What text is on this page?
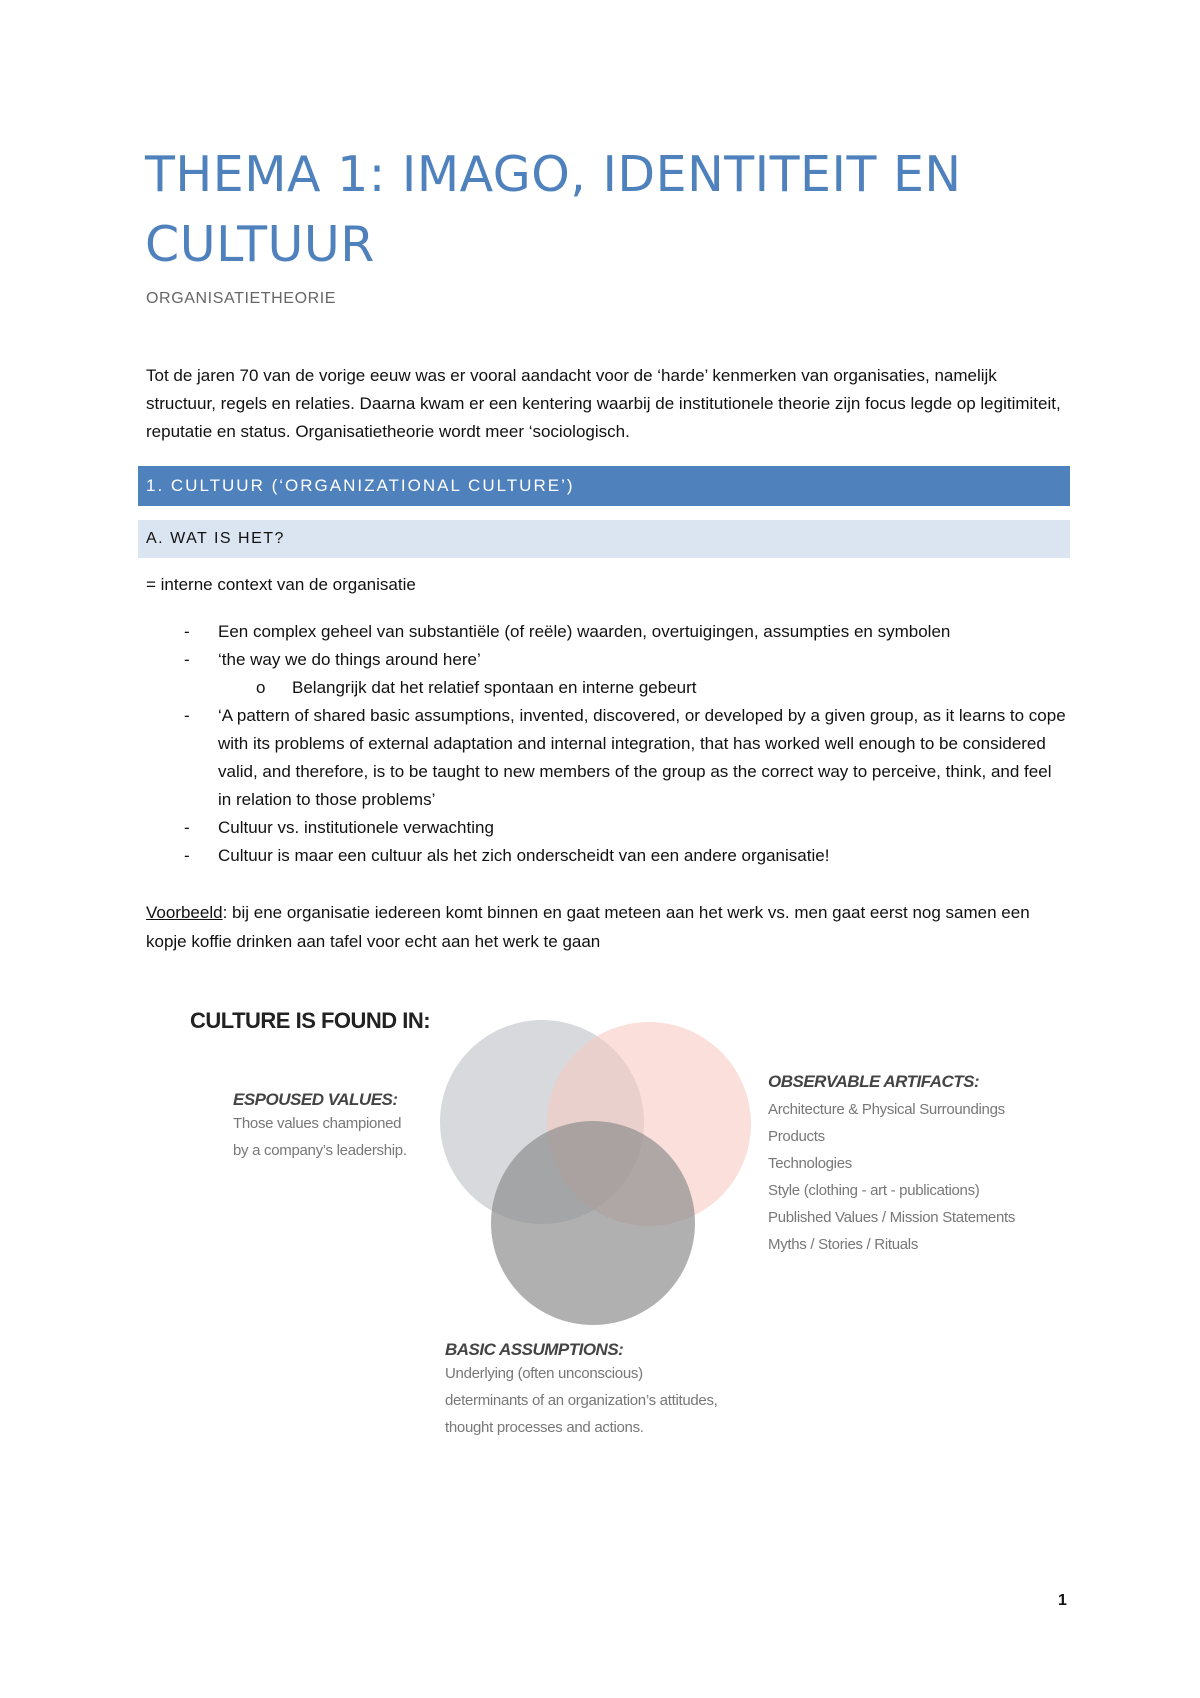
THEMA 1: IMAGO, IDENTITEIT EN CULTUUR
ORGANISATIETHEORIE

Tot de jaren 70 van de vorige eeuw was er vooral aandacht voor de ‘harde’ kenmerken van organisaties, namelijk structuur, regels en relaties. Daarna kwam er een kentering waarbij de institutionele theorie zijn focus legde op legitimiteit, reputatie en status. Organisatietheorie wordt meer ‘sociologisch.

1. CULTUUR (‘ORGANIZATIONAL CULTURE’)
A. WAT IS HET?
= interne context van de organisatie
- Een complex geheel van substantiële (of reële) waarden, overtuigingen, assumpties en symbolen
- ‘the way we do things around here’
o Belangrijk dat het relatief spontaan en interne gebeurt
- ‘A pattern of shared basic assumptions, invented, discovered, or developed by a given group, as it learns to cope with its problems of external adaptation and internal integration, that has worked well enough to be considered valid, and therefore, is to be taught to new members of the group as the correct way to perceive, think, and feel in relation to those problems’
- Cultuur vs. institutionele verwachting
- Cultuur is maar een cultuur als het zich onderscheidt van een andere organisatie!

Voorbeeld: bij ene organisatie iedereen komt binnen en gaat meteen aan het werk vs. men gaat eerst nog samen een kopje koffie drinken aan tafel voor echt aan het werk te gaan

CULTURE IS FOUND IN:
ESPOUSED VALUES:
Those values championed
by a company’s leadership.
OBSERVABLE ARTIFACTS:
Architecture & Physical Surroundings
Products
Technologies
Style (clothing - art - publications)
Published Values / Mission Statements
Myths / Stories / Rituals
BASIC ASSUMPTIONS:
Underlying (often unconscious)
determinants of an organization’s attitudes,
thought processes and actions.
1
